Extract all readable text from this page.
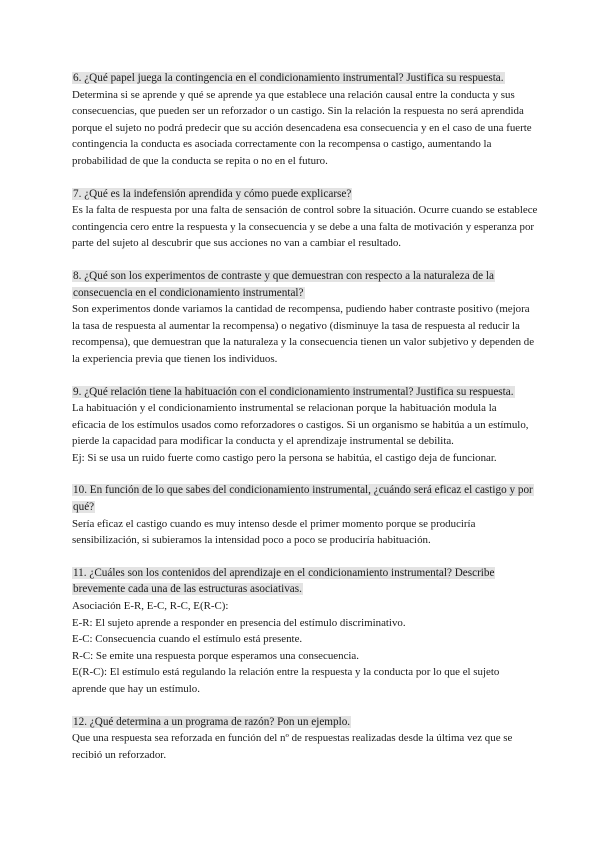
6. ¿Qué papel juega la contingencia en el condicionamiento instrumental? Justifica su respuesta.

Determina si se aprende y qué se aprende ya que establece una relación causal entre la conducta y sus
consecuencias, que pueden ser un reforzador o un castigo. Sin la relación la respuesta no será aprendida
porque el sujeto no podrá predecir que su acción desencadena esa consecuencia y en el caso de una fuerte
contingencia la conducta es asociada correctamente con la recompensa o castigo, aumentando la
probabilidad de que la conducta se repita o no en el futuro.

7. ¿Qué es la indefensión aprendida y cómo puede explicarse?

Es la falta de respuesta por una falta de sensación de control sobre la situación. Ocurre cuando se establece
contingencia cero entre la respuesta y la consecuencia y se debe a una falta de motivación y esperanza por
parte del sujeto al descubrir que sus acciones no van a cambiar el resultado.

8. ¿Qué son los experimentos de contraste y que demuestran con respecto a la naturaleza de la
consecuencia en el condicionamiento instrumental?

Son experimentos donde variamos la cantidad de recompensa, pudiendo haber contraste positivo (mejora
la tasa de respuesta al aumentar la recompensa) o negativo (disminuye la tasa de respuesta al reducir la
recompensa), que demuestran que la naturaleza y la consecuencia tienen un valor subjetivo y dependen de
la experiencia previa que tienen los individuos.

9. ¿Qué relación tiene la habituación con el condicionamiento instrumental? Justifica su respuesta.

La habituación y el condicionamiento instrumental se relacionan porque la habituación modula la
eficacia de los estímulos usados como reforzadores o castigos. Si un organismo se habitúa a un estímulo,
pierde la capacidad para modificar la conducta y el aprendizaje instrumental se debilita.
Ej: Si se usa un ruido fuerte como castigo pero la persona se habitúa, el castigo deja de funcionar.

10. En función de lo que sabes del condicionamiento instrumental, ¿cuándo será eficaz el castigo y por
qué?

Sería eficaz el castigo cuando es muy intenso desde el primer momento porque se produciría
sensibilización, si subieramos la intensidad poco a poco se produciría habituación.

11. ¿Cuáles son los contenidos del aprendizaje en el condicionamiento instrumental? Describe
brevemente cada una de las estructuras asociativas.

Asociación E-R, E-C, R-C, E(R-C):
E-R: El sujeto aprende a responder en presencia del estímulo discriminativo.
E-C: Consecuencia cuando el estímulo está presente.
R-C: Se emite una respuesta porque esperamos una consecuencia.
E(R-C): El estímulo está regulando la relación entre la respuesta y la conducta por lo que el sujeto
aprende que hay un estímulo.

12. ¿Qué determina a un programa de razón? Pon un ejemplo.

Que una respuesta sea reforzada en función del nº de respuestas realizadas desde la última vez que se
recibió un reforzador.
